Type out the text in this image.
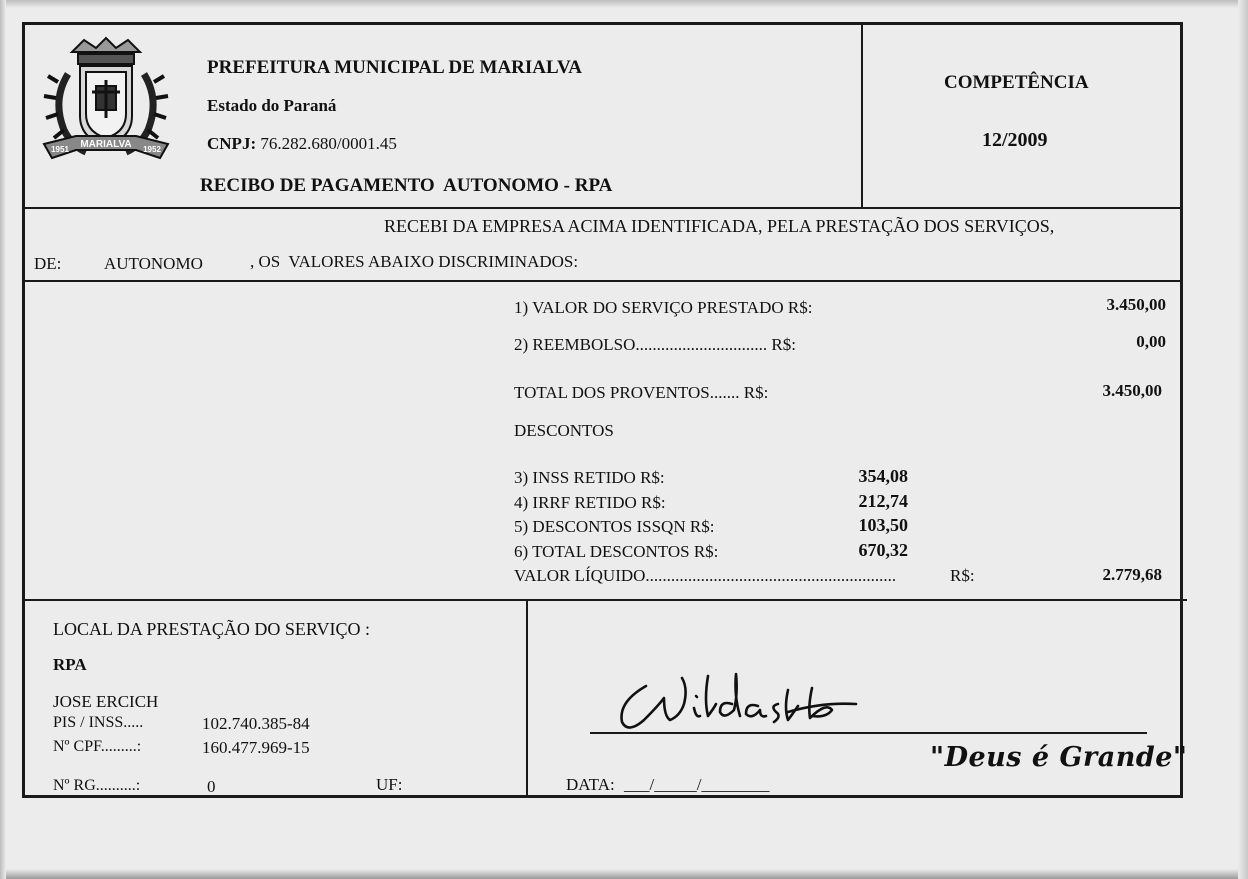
MARIALVA
1951	1952
PREFEITURA MUNICIPAL DE MARIALVA
Estado do Paraná
CNPJ: 76.282.680/0001.45
RECIBO DE PAGAMENTO  AUTONOMO - RPA
COMPETÊNCIA
12/2009
RECEBI DA EMPRESA ACIMA IDENTIFICADA, PELA PRESTAÇÃO DOS SERVIÇOS,
DE:	AUTONOMO	, OS  VALORES ABAIXO DISCRIMINADOS:
1) VALOR DO SERVIÇO PRESTADO R$:	3.450,00
2) REEMBOLSO............................... R$:	0,00
TOTAL DOS PROVENTOS....... R$:	3.450,00
DESCONTOS
3) INSS RETIDO R$:	354,08
4) IRRF RETIDO R$:	212,74
5) DESCONTOS ISSQN R$:	103,50
6) TOTAL DESCONTOS R$:	670,32
VALOR LÍQUIDO...........................................................	R$:	2.779,68
LOCAL DA PRESTAÇÃO DO SERVIÇO :
RPA
JOSE ERCICH
PIS / INSS.....	102.740.385-84
Nº CPF.........:	160.477.969-15
Nº RG..........:	0	UF:
"Deus é Grande"
DATA: ___/_____/________
